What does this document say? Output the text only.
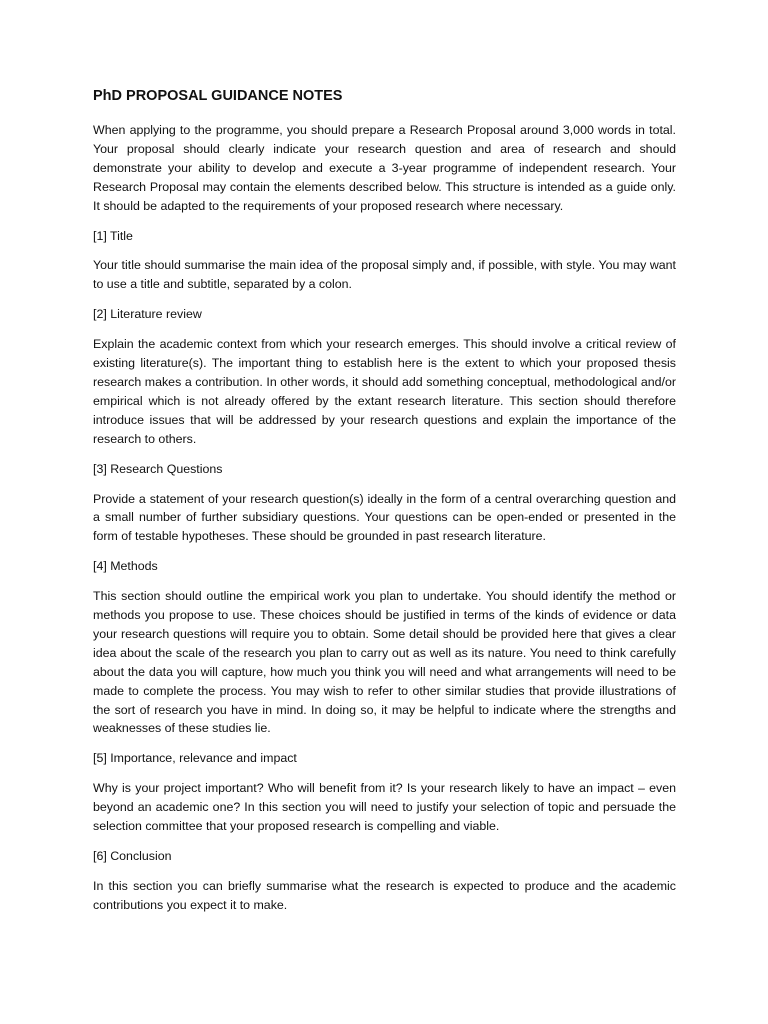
PhD PROPOSAL GUIDANCE NOTES

When applying to the programme, you should prepare a Research Proposal around 3,000 words in total. Your proposal should clearly indicate your research question and area of research and should demonstrate your ability to develop and execute a 3-year programme of independent research. Your Research Proposal may contain the elements described below. This structure is intended as a guide only. It should be adapted to the requirements of your proposed research where necessary.

[1] Title

Your title should summarise the main idea of the proposal simply and, if possible, with style. You may want to use a title and subtitle, separated by a colon.

[2] Literature review

Explain the academic context from which your research emerges. This should involve a critical review of existing literature(s). The important thing to establish here is the extent to which your proposed thesis research makes a contribution. In other words, it should add something conceptual, methodological and/or empirical which is not already offered by the extant research literature. This section should therefore introduce issues that will be addressed by your research questions and explain the importance of the research to others.

[3] Research Questions

Provide a statement of your research question(s) ideally in the form of a central overarching question and a small number of further subsidiary questions. Your questions can be open-ended or presented in the form of testable hypotheses. These should be grounded in past research literature.

[4] Methods

This section should outline the empirical work you plan to undertake. You should identify the method or methods you propose to use. These choices should be justified in terms of the kinds of evidence or data your research questions will require you to obtain. Some detail should be provided here that gives a clear idea about the scale of the research you plan to carry out as well as its nature. You need to think carefully about the data you will capture, how much you think you will need and what arrangements will need to be made to complete the process. You may wish to refer to other similar studies that provide illustrations of the sort of research you have in mind. In doing so, it may be helpful to indicate where the strengths and weaknesses of these studies lie.

[5] Importance, relevance and impact

Why is your project important? Who will benefit from it? Is your research likely to have an impact – even beyond an academic one? In this section you will need to justify your selection of topic and persuade the selection committee that your proposed research is compelling and viable.

[6] Conclusion

In this section you can briefly summarise what the research is expected to produce and the academic contributions you expect it to make.
